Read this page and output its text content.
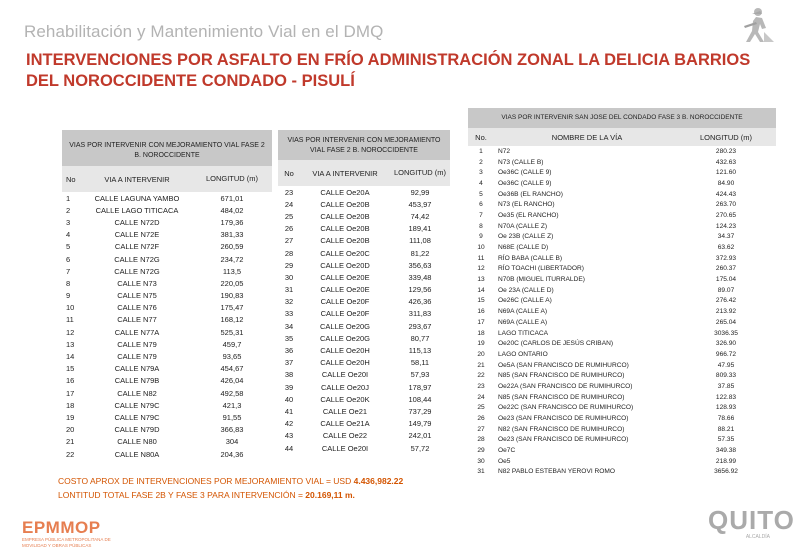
Rehabilitación y Mantenimiento Vial en el DMQ
INTERVENCIONES POR ASFALTO EN FRÍO ADMINISTRACIÓN ZONAL LA DELICIA BARRIOS DEL NOROCCIDENTE CONDADO - PISULÍ
VIAS POR INTERVENIR CON MEJORAMIENTO VIAL FASE 2 B. NOROCCIDENTE		
No	VIA A INTERVENIR	LONGITUD (m)
1	CALLE LAGUNA YAMBO	671,01
2	CALLE LAGO TITICACA	484,02
3	CALLE N72D	179,36
4	CALLE N72E	381,33
5	CALLE N72F	260,59
6	CALLE N72G	234,72
7	CALLE N72G	113,5
8	CALLE N73	220,05
9	CALLE N75	190,83
10	CALLE N76	175,47
11	CALLE N77	168,12
12	CALLE N77A	525,31
13	CALLE N79	459,7
14	CALLE N79	93,65
15	CALLE N79A	454,67
16	CALLE N79B	426,04
17	CALLE N82	492,58
18	CALLE N79C	421,3
19	CALLE N79C	91,55
20	CALLE N79D	366,83
21	CALLE N80	304
22	CALLE N80A	204,36
VIAS POR INTERVENIR CON MEJORAMIENTO VIAL FASE 2 B. NOROCCIDENTE		
No	VIA A INTERVENIR	LONGITUD (m)
23	CALLE Oe20A	92,99
24	CALLE Oe20B	453,97
25	CALLE Oe20B	74,42
26	CALLE Oe20B	189,41
27	CALLE Oe20B	111,08
28	CALLE Oe20C	81,22
29	CALLE Oe20D	356,63
30	CALLE Oe20E	339,48
31	CALLE Oe20E	129,56
32	CALLE Oe20F	426,36
33	CALLE Oe20F	311,83
34	CALLE Oe20G	293,67
35	CALLE Oe20G	80,77
36	CALLE Oe20H	115,13
37	CALLE Oe20H	58,11
38	CALLE Oe20I	57,93
39	CALLE Oe20J	178,97
40	CALLE Oe20K	108,44
41	CALLE Oe21	737,29
42	CALLE Oe21A	149,79
43	CALLE Oe22	242,01
44	CALLE Oe20I	57,72
VIAS POR INTERVENIR SAN JOSE DEL CONDADO FASE 3 B. NOROCCIDENTE		
No.	NOMBRE DE LA VÍA	LONGITUD (m)
1	N72	280.23
2	N73 (CALLE B)	432.63
3	Oe36C (CALLE 9)	121.60
4	Oe36C (CALLE 9)	84.90
5	Oe36B (EL RANCHO)	424.43
6	N73 (EL RANCHO)	263.70
7	Oe35 (EL RANCHO)	270.65
8	N70A (CALLE Z)	124.23
9	Oe 23B (CALLE Z)	34.37
10	N68E (CALLE D)	63.62
11	RÍO BABA (CALLE B)	372.93
12	RÍO TOACHI (LIBERTADOR)	260.37
13	N70B (MIGUEL ITURRALDE)	175.04
14	Oe 23A (CALLE D)	89.07
15	Oe26C (CALLE A)	276.42
16	N69A (CALLE A)	213.92
17	N69A (CALLE A)	265.04
18	LAGO TITICACA	3036.35
19	Oe20C (CARLOS DE JESÚS CRIBAN)	326.90
20	LAGO ONTARIO	966.72
21	Oe5A (SAN FRANCISCO DE RUMIHURCO)	47.95
22	N85 (SAN FRANCISCO DE RUMIHURCO)	809.33
23	Oe22A (SAN FRANCISCO DE RUMIHURCO)	37.85
24	N85 (SAN FRANCISCO DE RUMIHURCO)	122.83
25	Oe22C (SAN FRANCISCO DE RUMIHURCO)	128.93
26	Oe23 (SAN FRANCISCO DE RUMIHURCO)	78.66
27	N82 (SAN FRANCISCO DE RUMIHURCO)	88.21
28	Oe23 (SAN FRANCISCO DE RUMIHURCO)	57.35
29	Oe7C	349.38
30	Oe5	218.99
31	N82 PABLO ESTEBAN YEROVI ROMO	3656.92
COSTO APROX DE INTERVENCIONES POR MEJORAMIENTO VIAL = USD 4.436,982.22
LONTITUD TOTAL FASE 2B Y FASE 3 PARA INTERVENCIÓN = 20.169,11 m.
EPMMOP
EMPRESA PÚBLICA METROPOLITANA DE MOVILIDAD Y OBRAS PÚBLICAS
QUITO
ALCALDÍA
